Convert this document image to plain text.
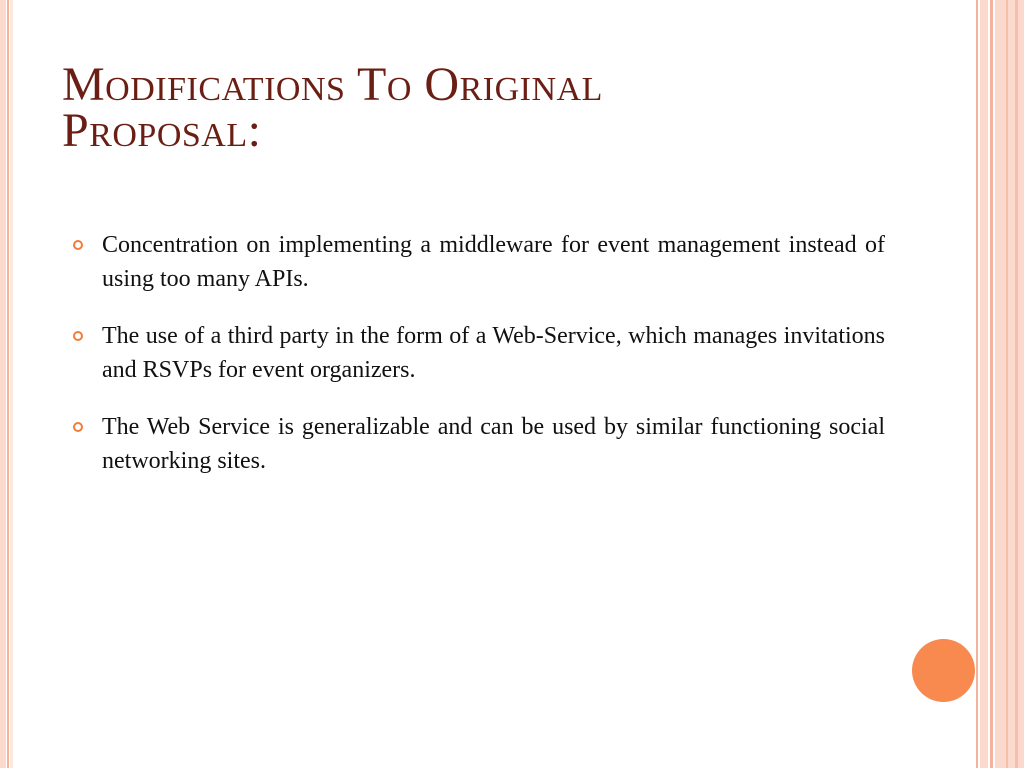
Modifications To Original
Proposal:
Concentration on implementing a middleware for event management instead of using too many APIs.
The use of a third party in the form of a Web-Service, which manages invitations and RSVPs for event organizers.
The Web Service is generalizable and can be used by similar functioning social networking sites.
